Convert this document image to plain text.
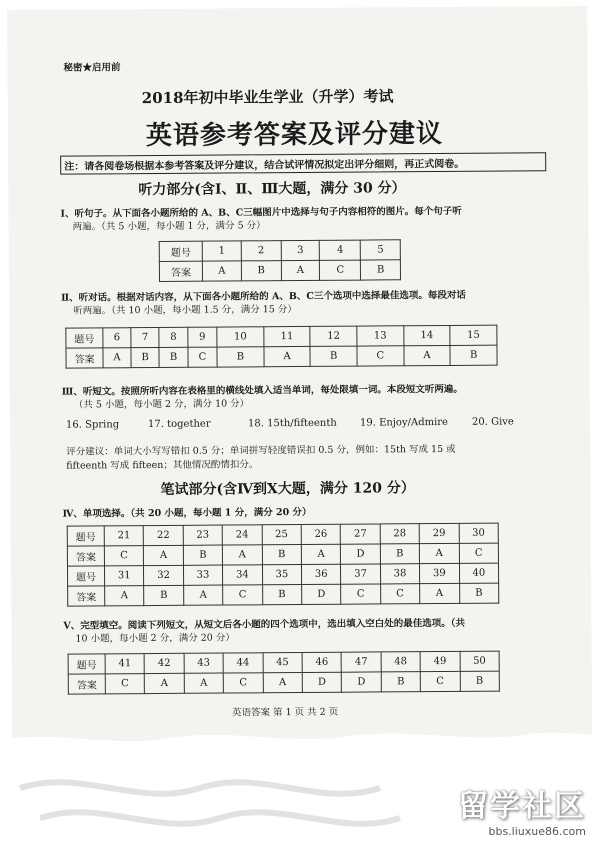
秘密★启用前
2018年初中毕业生学业（升学）考试
英语参考答案及评分建议
注：请各阅卷场根据本参考答案及评分建议，结合试评情况拟定出评分细则，再正式阅卷。
听力部分(含Ⅰ、Ⅱ、Ⅲ大题，满分 30 分）
Ⅰ、听句子。从下面各小题所给的 A、B、C三幅图片中选择与句子内容相符的图片。每个句子听
两遍。（共 5 小题，每小题 1 分，满分 5 分）
题号	1	2	3	4	5
答案	A	B	A	C	B
Ⅱ、听对话。根据对话内容，从下面各小题所给的 A、B、C三个选项中选择最佳选项。每段对话
听两遍。（共 10 小题，每小题 1.5 分，满分 15 分）
题号	6	7	8	9	10	11	12	13	14	15
答案	A	B	B	C	B	A	B	C	A	B
Ⅲ、听短文。按照所听内容在表格里的横线处填入适当单词，每处限填一词。本段短文听两遍。
（共 5 小题，每小题 2 分，满分 10 分）
16. Spring	17. together	18. 15th/fifteenth 19. Enjoy/Admire 20. Give
评分建议：单词大小写写错扣 0.5 分；单词拼写轻度错误扣 0.5 分，例如：15th 写成 15 或
fifteenth 写成 fifteen；其他情况酌情扣分。
笔试部分(含Ⅳ到Ⅹ大题，满分 120 分）
Ⅳ、单项选择。（共 20 小题，每小题 1 分，满分 20 分）
题号	21	22	23	24	25	26	27	28	29	30
答案	C	A	B	A	B	A	D	B	A	C
题号	31	32	33	34	35	36	37	38	39	40
答案	A	B	A	C	B	D	C	C	A	B
Ⅴ、完型填空。阅读下列短文，从短文后各小题的四个选项中，选出填入空白处的最佳选项。（共
10 小题，每小题 2 分，满分 20 分）
题号	41	42	43	44	45	46	47	48	49	50
答案	C	A	A	C	A	D	D	B	C	B
英语答案 第 1 页 共 2 页
留学社区
bbs.liuxue86.com
